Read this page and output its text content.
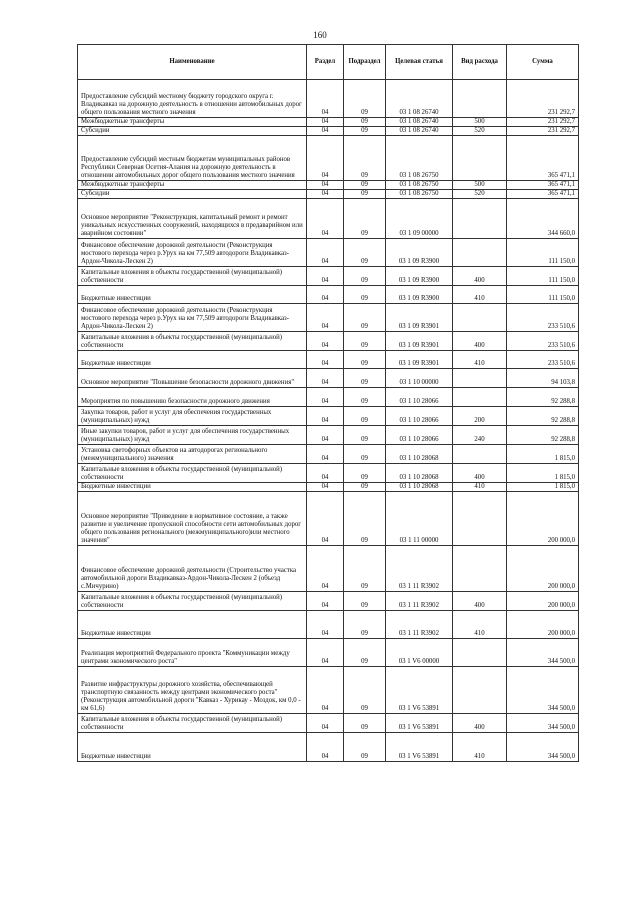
160
Наименование	Раздел	Подраздел	Целевая статья	Вид расхода	Сумма
Предоставление субсидий местному бюджету городского округа г. Владикавказ на дорожную деятельность в отношении автомобильных дорог общего пользования местного значения	04	09	03 1 08 26740		231 292,7
Межбюджетные трансферты	04	09	03 1 08 26740	500	231 292,7
Субсидии	04	09	03 1 08 26740	520	231 292,7
Предоставление субсидий местным бюджетам муниципальных районов Республики Северная Осетия-Алания на дорожную деятельность в отношении автомобильных дорог общего пользования местного значения	04	09	03 1 08 26750		365 471,1
Межбюджетные трансферты	04	09	03 1 08 26750	500	365 471,1
Субсидии	04	09	03 1 08 26750	520	365 471,1
Основное мероприятие "Реконструкция, капитальный ремонт и ремонт уникальных искусственных сооружений, находящихся в предаварийном или аварийном состоянии"	04	09	03 1 09 00000		344 660,0
Финансовое обеспечение дорожной деятельности (Реконструкция мостового перехода через р.Урух на км 77,509 автодороги Владикавказ-Ардон-Чикола-Лескен 2)	04	09	03 1 09 R3900		111 150,0
Капитальные вложения в объекты государственной (муниципальной) собственности	04	09	03 1 09 R3900	400	111 150,0
Бюджетные инвестиции	04	09	03 1 09 R3900	410	111 150,0
Финансовое обеспечение дорожной деятельности (Реконструкция мостового перехода через р.Урух на км 77,509 автодороги Владикавказ-Ардон-Чикола-Лескен 2)	04	09	03 1 09 R3901		233 510,6
Капитальные вложения в объекты государственной (муниципальной) собственности	04	09	03 1 09 R3901	400	233 510,6
Бюджетные инвестиции	04	09	03 1 09 R3901	410	233 510,6
Основное мероприятие "Повышение безопасности дорожного движения"	04	09	03 1 10 00000		94 103,8
Мероприятия по повышению безопасности дорожного движения	04	09	03 1 10 28066		92 288,8
Закупка товаров, работ и услуг для обеспечения государственных (муниципальных) нужд	04	09	03 1 10 28066	200	92 288,8
Иные закупки товаров, работ и услуг для обеспечения государственных (муниципальных) нужд	04	09	03 1 10 28066	240	92 288,8
Установка светофорных объектов на автодорогах регионального (межмуниципального) значения	04	09	03 1 10 28068		1 815,0
Капитальные вложения в объекты государственной (муниципальной) собственности	04	09	03 1 10 28068	400	1 815,0
Бюджетные инвестиции	04	09	03 1 10 28068	410	1 815,0
Основное мероприятие "Приведение в нормативное состояние, а также развитие и увеличение пропускной способности сети автомобильных дорог общего пользования регионального (межмуниципального)или местного значения"	04	09	03 1 11 00000		200 000,0
Финансовое обеспечение дорожной деятельности (Строительство участка автомобильной дороги Владикавказ-Ардон-Чикола-Лескен 2 (объезд с.Мичурино)	04	09	03 1 11 R3902		200 000,0
Капитальные вложения в объекты государственной (муниципальной) собственности	04	09	03 1 11 R3902	400	200 000,0
Бюджетные инвестиции	04	09	03 1 11 R3902	410	200 000,0
Реализация мероприятий Федерального проекта "Коммуникации между центрами экономического роста"	04	09	03 1 V6 00000		344 500,0
Развитие инфраструктуры дорожного хозяйства, обеспечивающей транспортную связанность между центрами экономического роста" (Реконструкция автомобильной дороги "Кавказ - Хурикау - Моздок, км 0,0 - км 61,6)	04	09	03 1 V6 53891		344 500,0
Капитальные вложения в объекты государственной (муниципальной) собственности	04	09	03 1 V6 53891	400	344 500,0
Бюджетные инвестиции	04	09	03 1 V6 53891	410	344 500,0
